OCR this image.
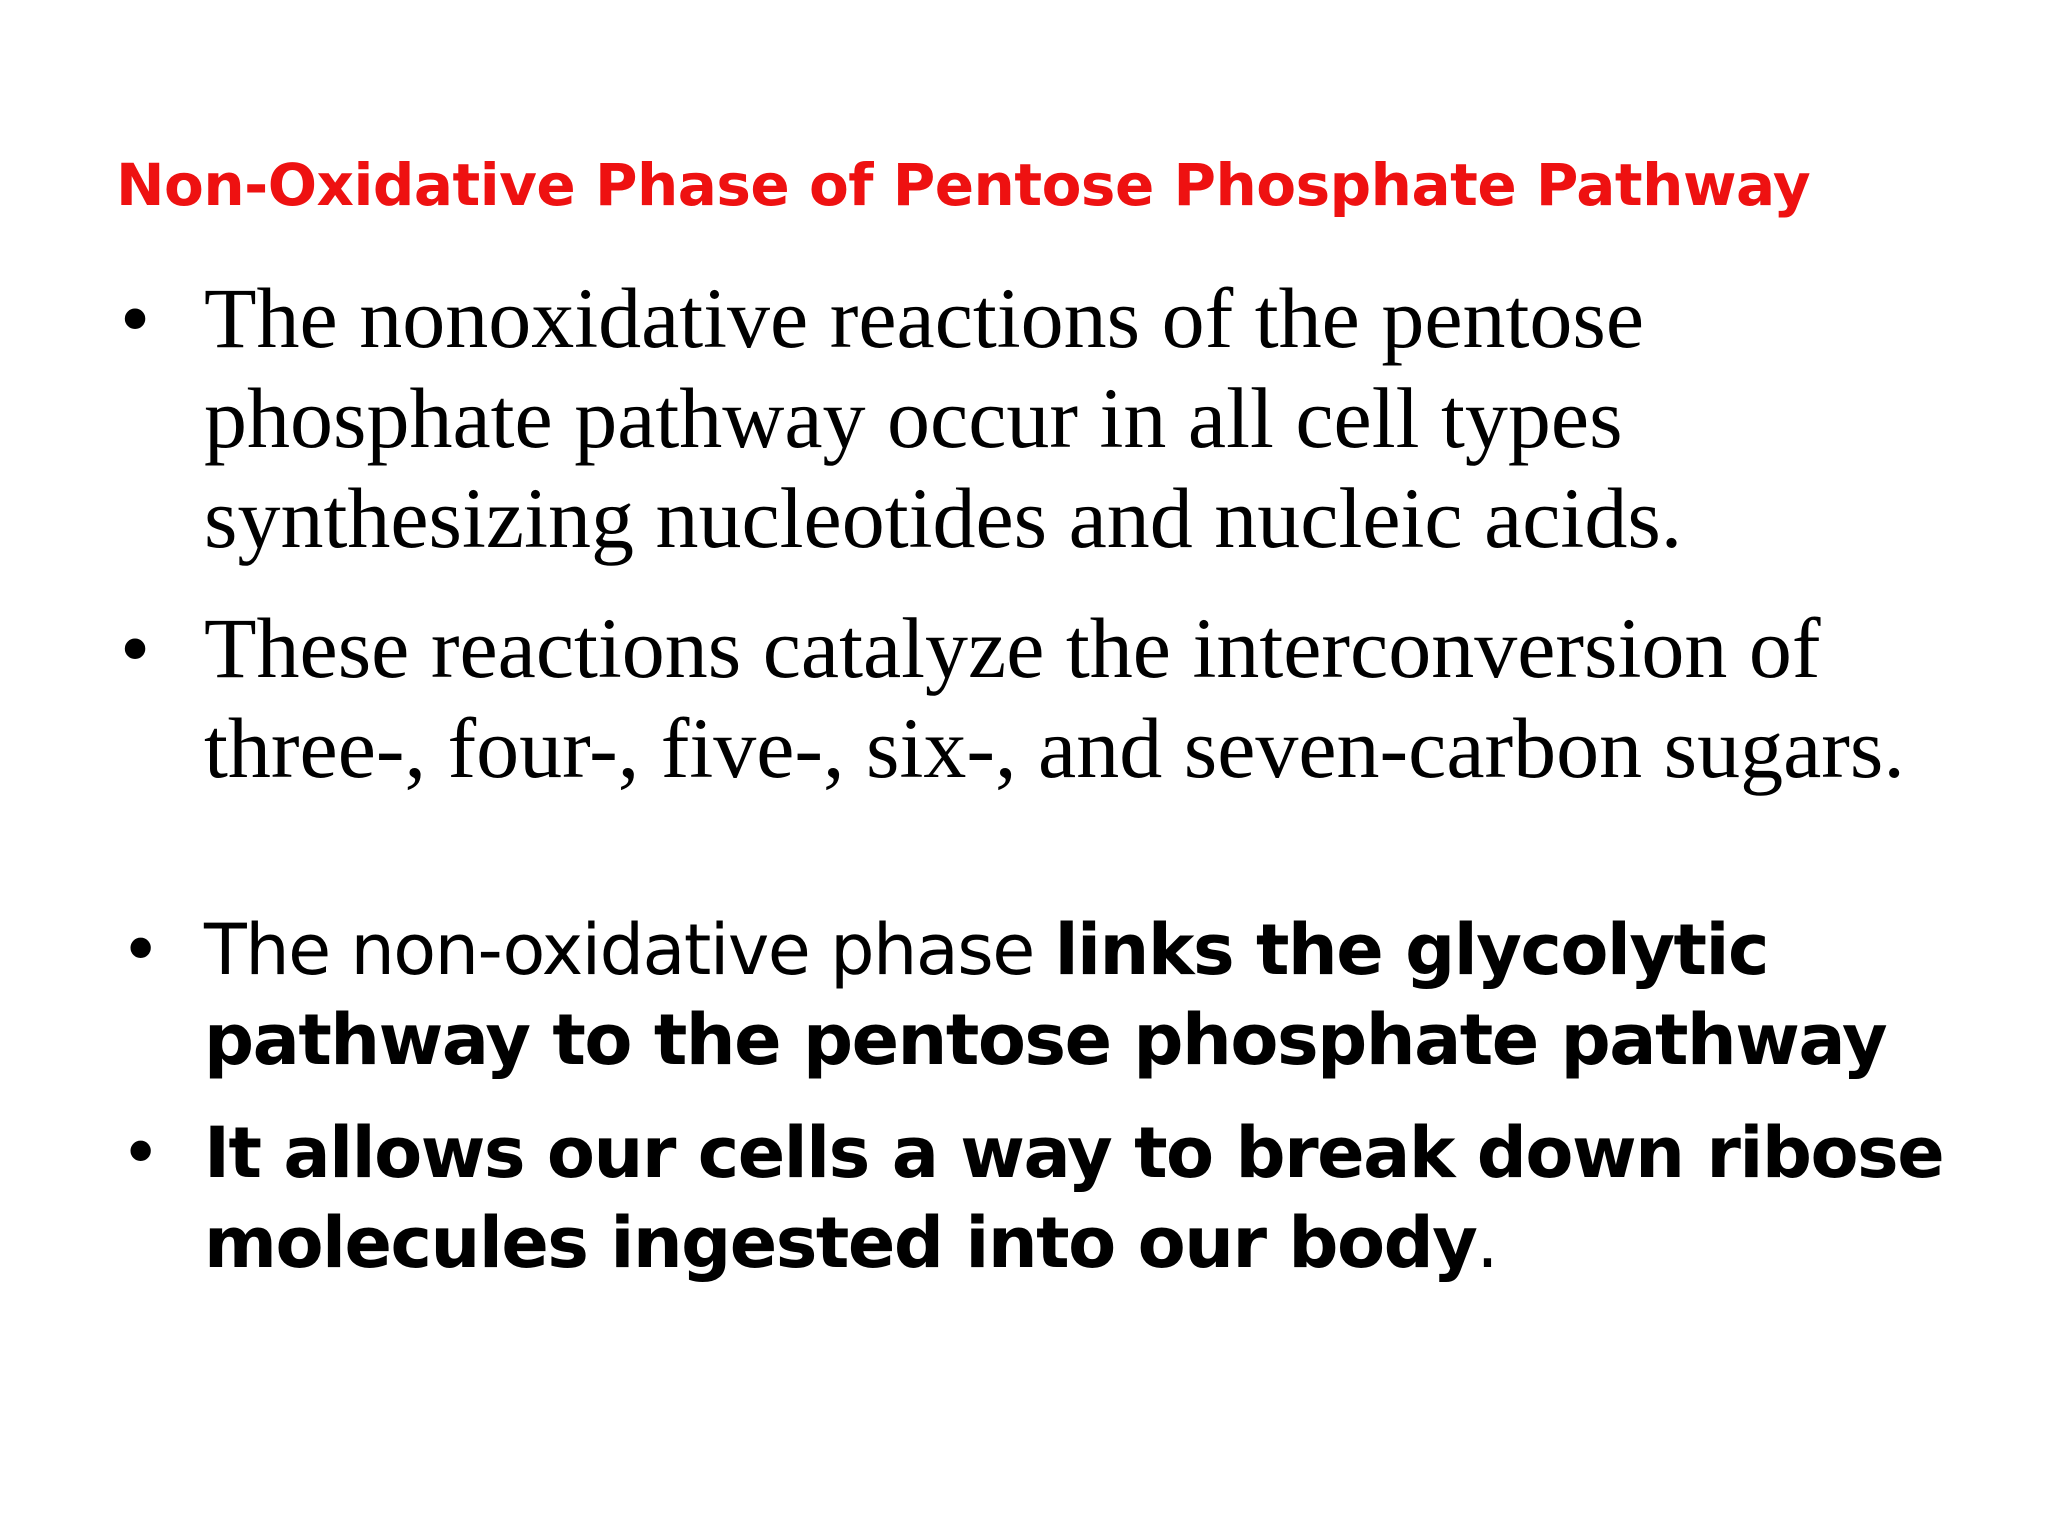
Non-Oxidative Phase of Pentose Phosphate Pathway
• The nonoxidative reactions of the pentose phosphate pathway occur in all cell types synthesizing nucleotides and nucleic acids.
• These reactions catalyze the interconversion of three-, four-, five-, six-, and seven-carbon sugars.
• The non-oxidative phase links the glycolytic pathway to the pentose phosphate pathway
• It allows our cells a way to break down ribose molecules ingested into our body.
